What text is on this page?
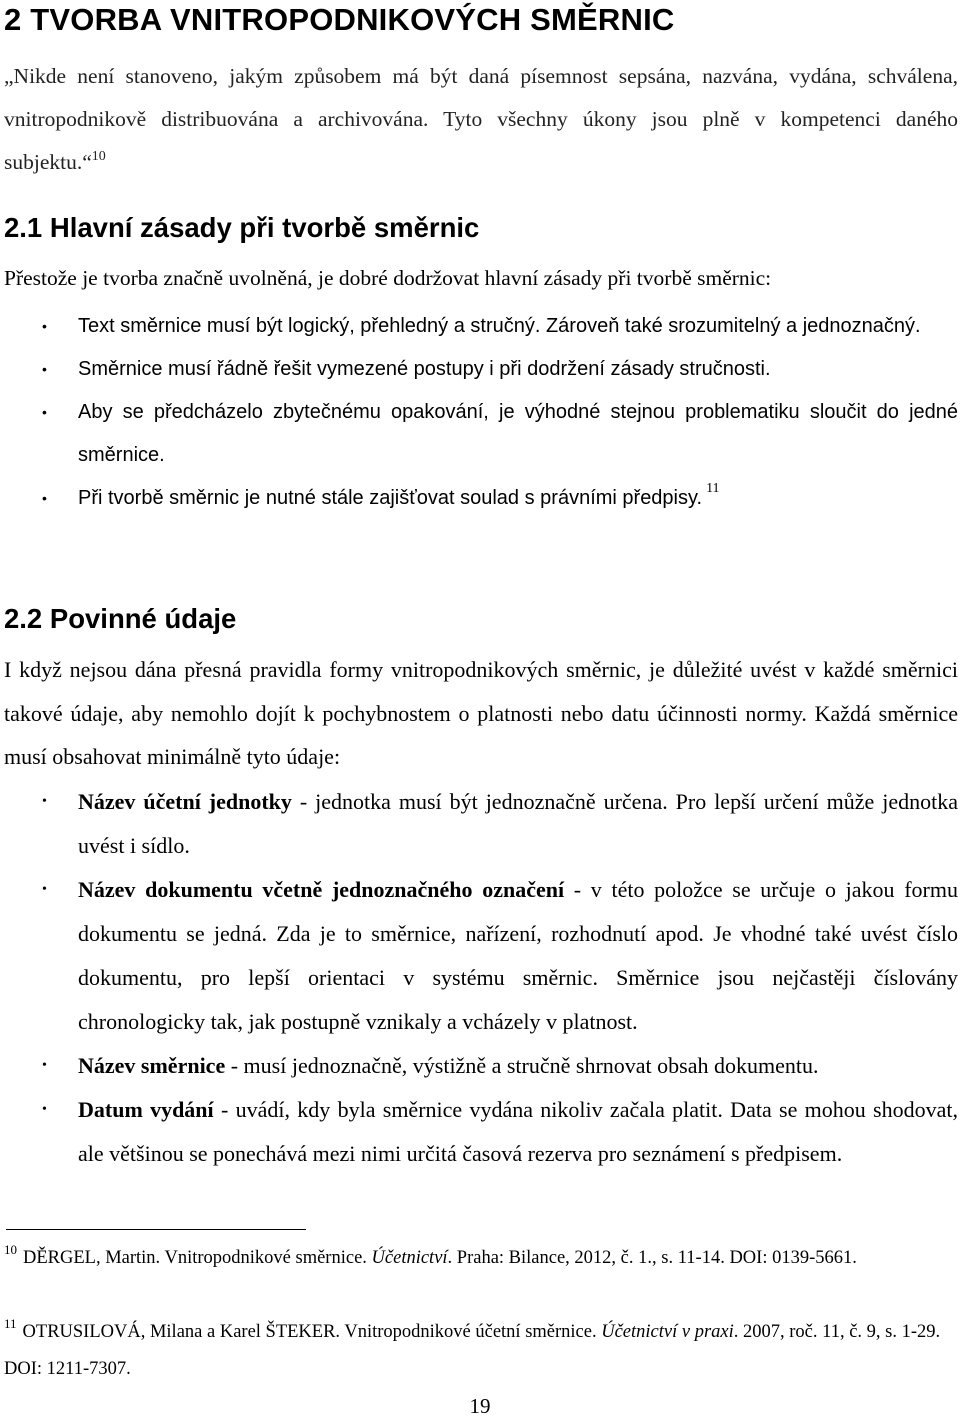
2 TVORBA VNITROPODNIKOVÝCH SMĚRNIC

„Nikde není stanoveno, jakým způsobem má být daná písemnost sepsána, nazvána, vydána, schválena, vnitropodnikově distribuována a archivována. Tyto všechny úkony jsou plně v kompetenci daného subjektu.“$^{10}$

2.1 Hlavní zásady při tvorbě směrnic

Přestože je tvorba značně uvolněná, je dobré dodržovat hlavní zásady při tvorbě směrnic:

• Text směrnice musí být logický, přehledný a stručný. Zároveň také srozumitelný a jednoznačný.
• Směrnice musí řádně řešit vymezené postupy i při dodržení zásady stručnosti.
• Aby se předcházelo zbytečnému opakování, je výhodné stejnou problematiku sloučit do jedné směrnice.
• Při tvorbě směrnic je nutné stále zajišťovat soulad s právními předpisy. $^{11}$
2.2 Povinné údaje

I když nejsou dána přesná pravidla formy vnitropodnikových směrnic, je důležité uvést v každé směrnici takové údaje, aby nemohlo dojít k pochybnostem o platnosti nebo datu účinnosti normy. Každá směrnice musí obsahovat minimálně tyto údaje:

• Název účetní jednotky - jednotka musí být jednoznačně určena. Pro lepší určení může jednotka uvést i sídlo.
• Název dokumentu včetně jednoznačného označení - v této položce se určuje o jakou formu dokumentu se jedná. Zda je to směrnice, nařízení, rozhodnutí apod. Je vhodné také uvést číslo dokumentu, pro lepší orientaci v systému směrnic. Směrnice jsou nejčastěji číslovány chronologicky tak, jak postupně vznikaly a vcházely v platnost.
• Název směrnice - musí jednoznačně, výstižně a stručně shrnovat obsah dokumentu.
• Datum vydání - uvádí, kdy byla směrnice vydána nikoliv začala platit. Data se mohou shodovat, ale většinou se ponechává mezi nimi určitá časová rezerva pro seznámení s předpisem.

$^{10}$ DĚRGEL, Martin. Vnitropodnikové směrnice. Účetnictví. Praha: Bilance, 2012, č. 1., s. 11-14. DOI: 0139-5661.

$^{11}$ OTRUSILOVÁ, Milana a Karel ŠTEKER. Vnitropodnikové účetní směrnice. Účetnictví v praxi. 2007, roč. 11, č. 9, s. 1-29. DOI: 1211-7307.

19
